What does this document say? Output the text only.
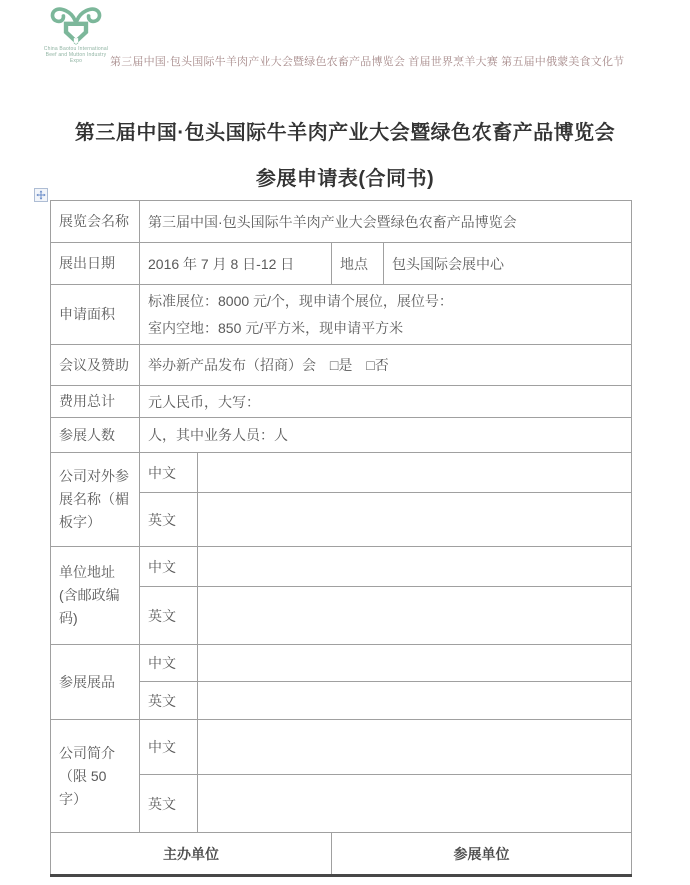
China Baotou International
Beef and Mutton Industry
Expo	第三届中国·包头国际牛羊肉产业大会暨绿色农畜产品博览会 首届世界烹羊大赛 第五届中俄蒙美食文化节
第三届中国·包头国际牛羊肉产业大会暨绿色农畜产品博览会
参展申请表(合同书)
展览会名称	第三届中国·包头国际牛羊肉产业大会暨绿色农畜产品博览会			
展出日期	2016 年 7 月 8 日-12 日		地点	包头国际会展中心
申请面积	标准展位：8000 元/个，现申请个展位，展位号：
室内空地：850 元/平方米，现申请平方米			

会议及赞助	举办新产品发布（招商）会 □是 □否			
费用总计	元人民币，大写：			
参展人数	人，其中业务人员：人			
公司对外参展名称（楣板字）	中文			
	英文			
单位地址 (含邮政编码)	中文			
	英文			
参展展品	中文			
	英文			
公司简介 （限 50 字）	中文			
	英文			
主办单位			参展单位	
